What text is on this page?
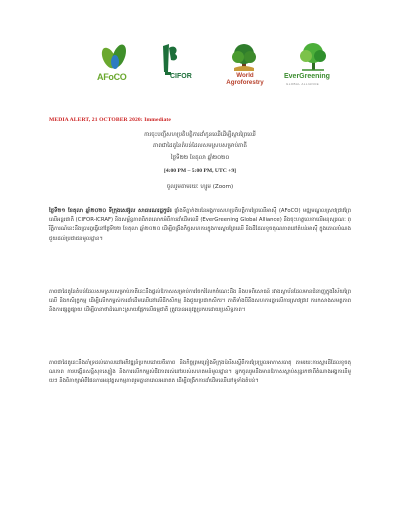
AFoCO	CIFOR	World Agroforestry
EverGreening
GLOBAL ALLIANCE
MEDIA ALERT, 21 OCTOBER 2020: Immediate
ការចុះបញ្ជីសហប្រតិបត្តិការដាំកូនឈើដើម្បីស្តារព្រៃឈើ
ភាពជាដៃគូនៃតំបន់ដែលសមស្របសម្រាប់ភាគី
ថ្ងៃទី២២ ខែតុលា ឆ្នាំ២០២០
[4:00 PM – 5:00 PM, UTC +9]
ចូលរួមតាមរយៈ ហ្សូម (Zoom)
ថ្ងៃទី២១ ខែតុលា ឆ្នាំ២០២០ ទីក្រុងសេអ៊ូល សាធារណរដ្ឋកូរ៉េ៖ ផ្ទាំងទីភ្នាក់ងារនៃអង្គការសហប្រតិបត្តិការព្រៃឈើអាស៊ី (AFoCO) មជ្ឈមណ្ឌលស្រាវជ្រាវព្រៃឈើអន្តរជាតិ (CIFOR-ICRAF) និងសម្ព័ន្ធភាពពិភពលោកអំពីការដាំដើមឈើ (EverGreening Global Alliance) នឹងចុះហត្ថលេខាលើអនុស្សរណៈ ព្រឹត្តិការណ៍នេះនឹងប្រារព្ធធ្វើនៅថ្ងៃទី២២ ខែតុលា ឆ្នាំ២០២០ ដើម្បីពង្រឹងកិច្ចសហការក្នុងការស្តារព្រៃឈើ និងដីដែលខូចគុណភាពនៅតំបន់អាស៊ី ក្នុងគោលបំណងជួយដល់ប្រជាជនមូលដ្ឋាន។
ភាពជាដៃគូនៃតំបន់ដែលសមស្របសម្រាប់ភាគីនេះនឹងផ្តល់ឱកាសសម្រាប់ការចែករំលែកចំណេះដឹង និងបទពិសោធន៍ រវាងស្ថាប័នដែលមានជំនាញក្នុងវិស័យព្រៃឈើ និងកសិរុក្ខកម្ម ដើម្បីលើកកម្ពស់ការដាំដើមឈើនៅលើដីកសិកម្ម និងជួយប្រជាកសិករ។ ភាគីទាំងបីនឹងសហការគ្នាលើការស្រាវជ្រាវ ការកសាងសមត្ថភាព និងការផ្សព្វផ្សាយ ដើម្បីធានាថាដំណោះស្រាយផ្អែកលើធម្មជាតិ ត្រូវបានអនុវត្តប្រកបដោយប្រសិទ្ធភាព។
ភាពជាដៃគូនេះនឹងគាំទ្រដល់គោលដៅអភិវឌ្ឍន៍ប្រកបដោយចីរភាព និងកិច្ចព្រមព្រៀងទីក្រុងប៉ារីសស្តីពីការប្រែប្រួលអាកាសធាតុ តាមរយៈការស្តារដីដែលខូចគុណភាព ការបង្កើនសន្តិសុខស្បៀង និងការលើកកម្ពស់ជីវភាពរស់នៅរបស់សហគមន៍មូលដ្ឋាន។ អ្នកចូលរួមនឹងមានឱកាសស្តាប់សុន្ទរកថាពីតំណាងអង្គការនីមួយៗ និងពិភាក្សាអំពីផែនការអនុវត្តសកម្មភាពរួមគ្នានាពេលអនាគត ដើម្បីពង្រីកការដាំដើមឈើនៅទូទាំងតំបន់។
